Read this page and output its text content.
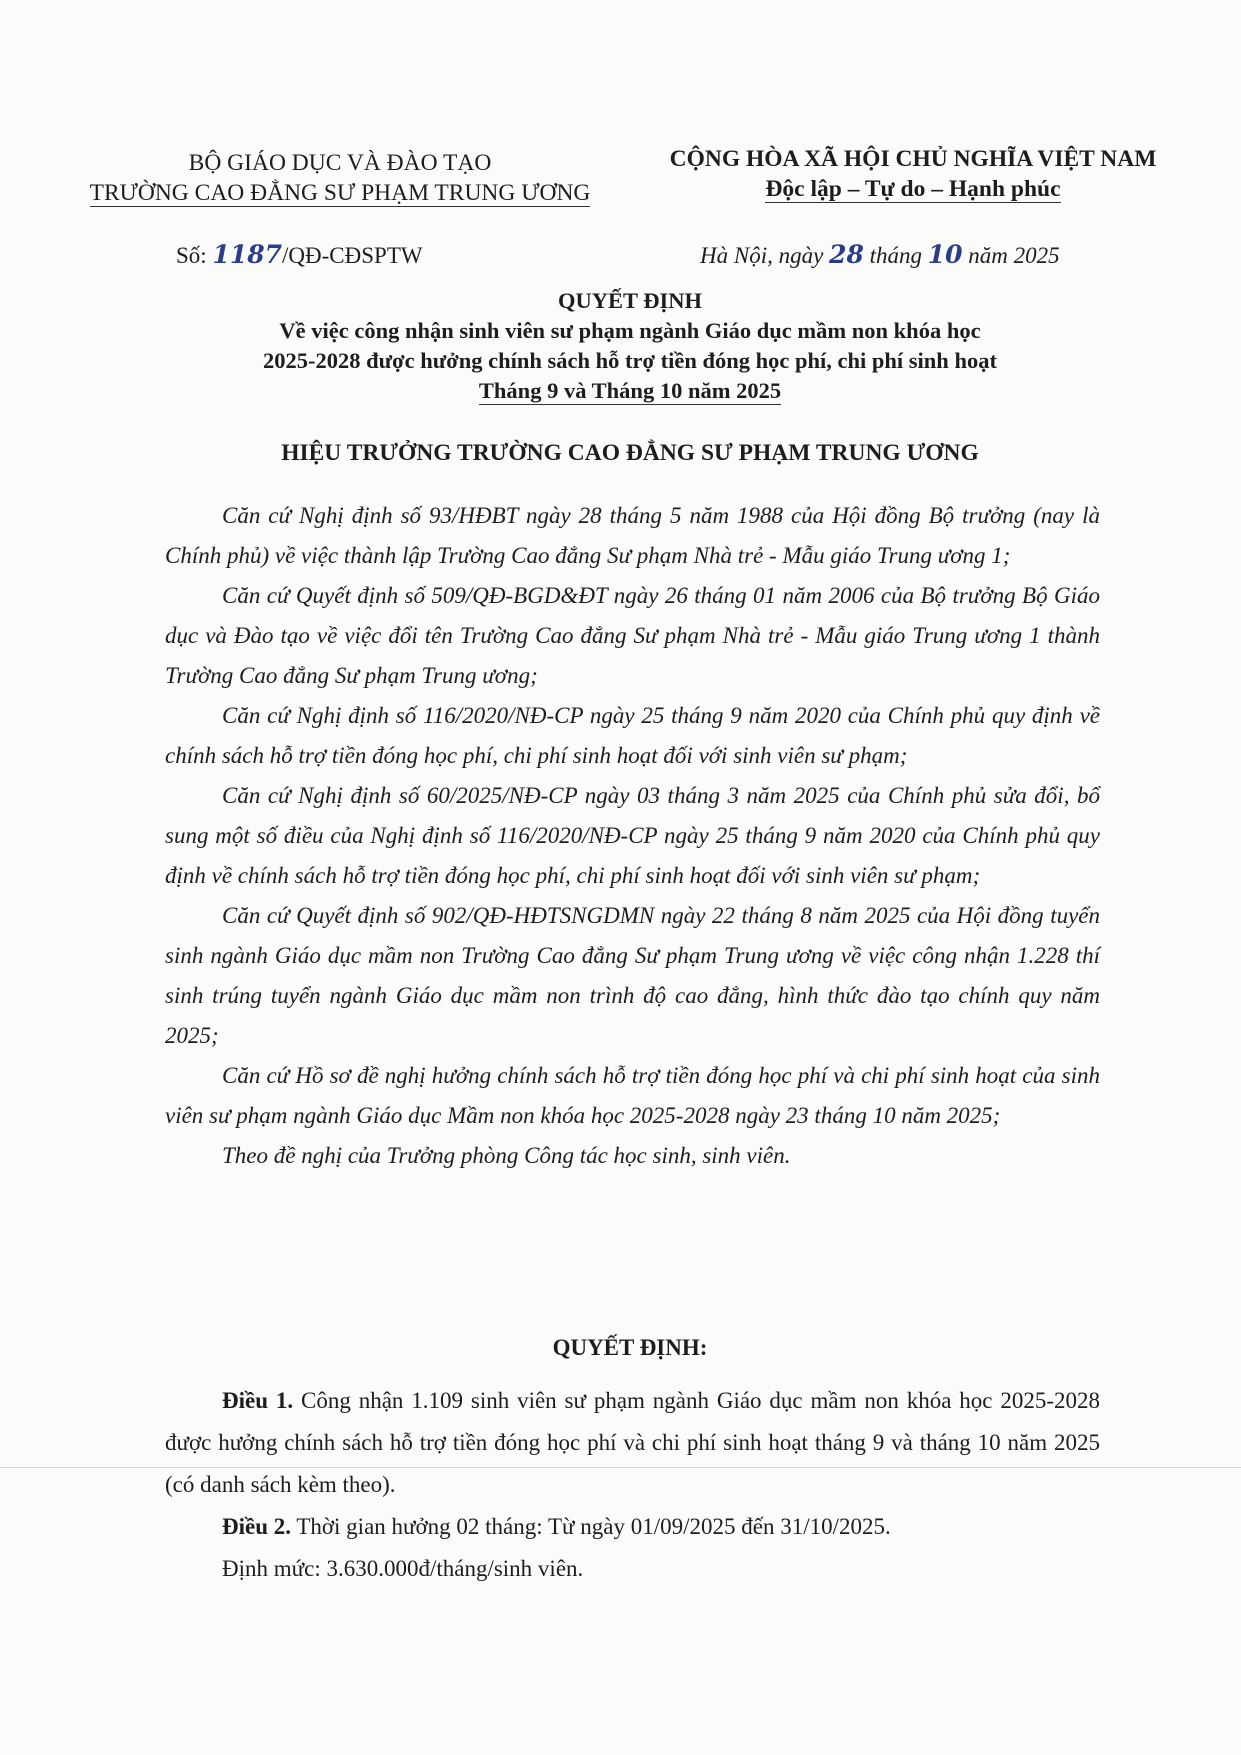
BỘ GIÁO DỤC VÀ ĐÀO TẠO
TRƯỜNG CAO ĐẲNG SƯ PHẠM TRUNG ƯƠNG
CỘNG HÒA XÃ HỘI CHỦ NGHĨA VIỆT NAM
Độc lập – Tự do – Hạnh phúc
Số: 1187/QĐ-CĐSPTW	Hà Nội, ngày 28 tháng 10 năm 2025
QUYẾT ĐỊNH
Về việc công nhận sinh viên sư phạm ngành Giáo dục mầm non khóa học
2025-2028 được hưởng chính sách hỗ trợ tiền đóng học phí, chi phí sinh hoạt
Tháng 9 và Tháng 10 năm 2025
HIỆU TRƯỞNG TRƯỜNG CAO ĐẲNG SƯ PHẠM TRUNG ƯƠNG

Căn cứ Nghị định số 93/HĐBT ngày 28 tháng 5 năm 1988 của Hội đồng Bộ trưởng (nay là Chính phủ) về việc thành lập Trường Cao đẳng Sư phạm Nhà trẻ - Mẫu giáo Trung ương 1;

Căn cứ Quyết định số 509/QĐ-BGD&ĐT ngày 26 tháng 01 năm 2006 của Bộ trưởng Bộ Giáo dục và Đào tạo về việc đổi tên Trường Cao đẳng Sư phạm Nhà trẻ - Mẫu giáo Trung ương 1 thành Trường Cao đẳng Sư phạm Trung ương;

Căn cứ Nghị định số 116/2020/NĐ-CP ngày 25 tháng 9 năm 2020 của Chính phủ quy định về chính sách hỗ trợ tiền đóng học phí, chi phí sinh hoạt đối với sinh viên sư phạm;

Căn cứ Nghị định số 60/2025/NĐ-CP ngày 03 tháng 3 năm 2025 của Chính phủ sửa đổi, bổ sung một số điều của Nghị định số 116/2020/NĐ-CP ngày 25 tháng 9 năm 2020 của Chính phủ quy định về chính sách hỗ trợ tiền đóng học phí, chi phí sinh hoạt đối với sinh viên sư phạm;

Căn cứ Quyết định số 902/QĐ-HĐTSNGDMN ngày 22 tháng 8 năm 2025 của Hội đồng tuyển sinh ngành Giáo dục mầm non Trường Cao đẳng Sư phạm Trung ương về việc công nhận 1.228 thí sinh trúng tuyển ngành Giáo dục mầm non trình độ cao đẳng, hình thức đào tạo chính quy năm 2025;

Căn cứ Hồ sơ đề nghị hưởng chính sách hỗ trợ tiền đóng học phí và chi phí sinh hoạt của sinh viên sư phạm ngành Giáo dục Mầm non khóa học 2025-2028 ngày 23 tháng 10 năm 2025;

Theo đề nghị của Trưởng phòng Công tác học sinh, sinh viên.

QUYẾT ĐỊNH:

Điều 1. Công nhận 1.109 sinh viên sư phạm ngành Giáo dục mầm non khóa học 2025-2028 được hưởng chính sách hỗ trợ tiền đóng học phí và chi phí sinh hoạt tháng 9 và tháng 10 năm 2025 (có danh sách kèm theo).

Điều 2. Thời gian hưởng 02 tháng: Từ ngày 01/09/2025 đến 31/10/2025.

Định mức: 3.630.000đ/tháng/sinh viên.
